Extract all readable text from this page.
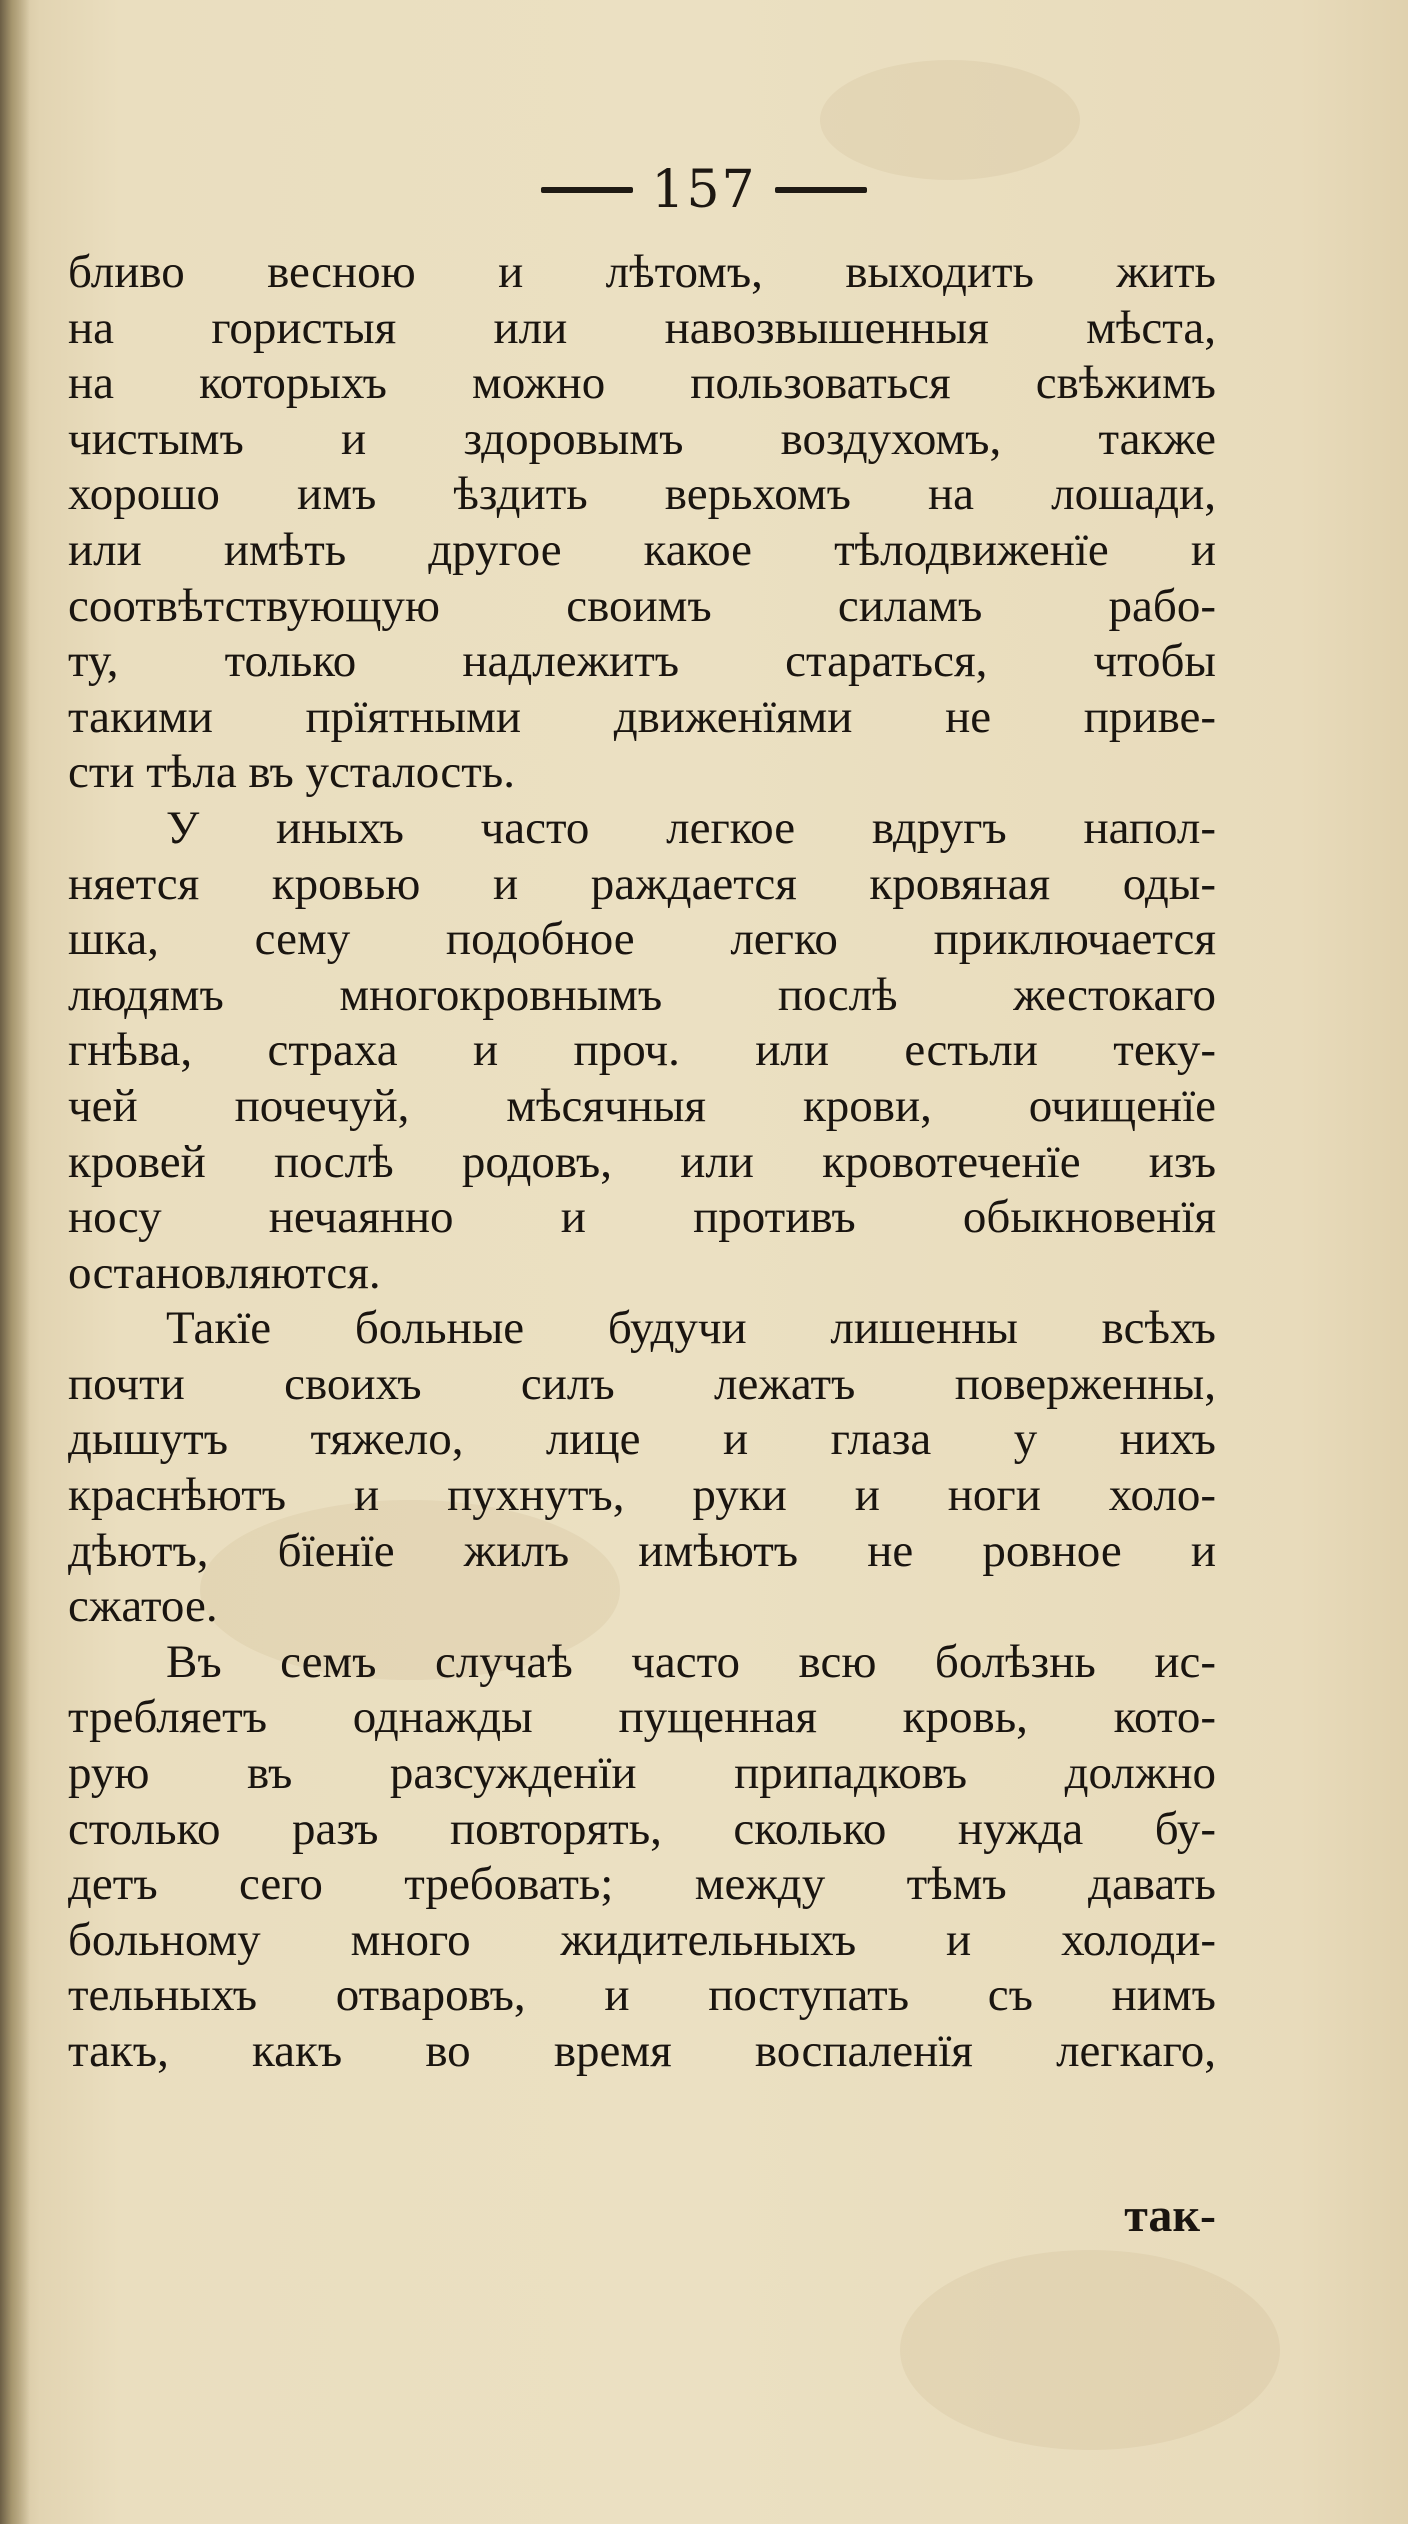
157
бливо весною и лѣтомъ, выходить жить
на гористыя или навозвышенныя мѣста,
на которыхъ можно пользоваться свѣжимъ
чистымъ и здоровымъ воздухомъ, также
хорошо имъ ѣздить верьхомъ на лошади,
или имѣть другое какое тѣлодвиженїе и
соотвѣтствующую своимъ силамъ рабо-
ту, только надлежитъ стараться, чтобы
такими прїятными движенїями не приве-
сти тѣла въ усталость.
У иныхъ часто легкое вдругъ напол-
няется кровью и раждается кровяная оды-
шка, сему подобное легко приключается
людямъ многокровнымъ послѣ жестокаго
гнѣва, страха и проч. или естьли теку-
чей почечуй, мѣсячныя крови, очищенїе
кровей послѣ родовъ, или кровотеченїе изъ
носу нечаянно и противъ обыкновенїя
остановляются.
Такїе больные будучи лишенны всѣхъ
почти своихъ силъ лежатъ поверженны,
дышутъ тяжело, лице и глаза у нихъ
краснѣютъ и пухнутъ, руки и ноги холо-
дѣютъ, бїенїе жилъ имѣютъ не ровное и
сжатое.
Въ семъ случаѣ часто всю болѣзнь ис-
требляетъ однажды пущенная кровь, кото-
рую въ разсужденїи припадковъ должно
столько разъ повторять, сколько нужда бу-
детъ сего требовать; между тѣмъ давать
больному много жидительныхъ и холоди-
тельныхъ отваровъ, и поступать съ нимъ
такъ, какъ во время воспаленїя легкаго,
так-
